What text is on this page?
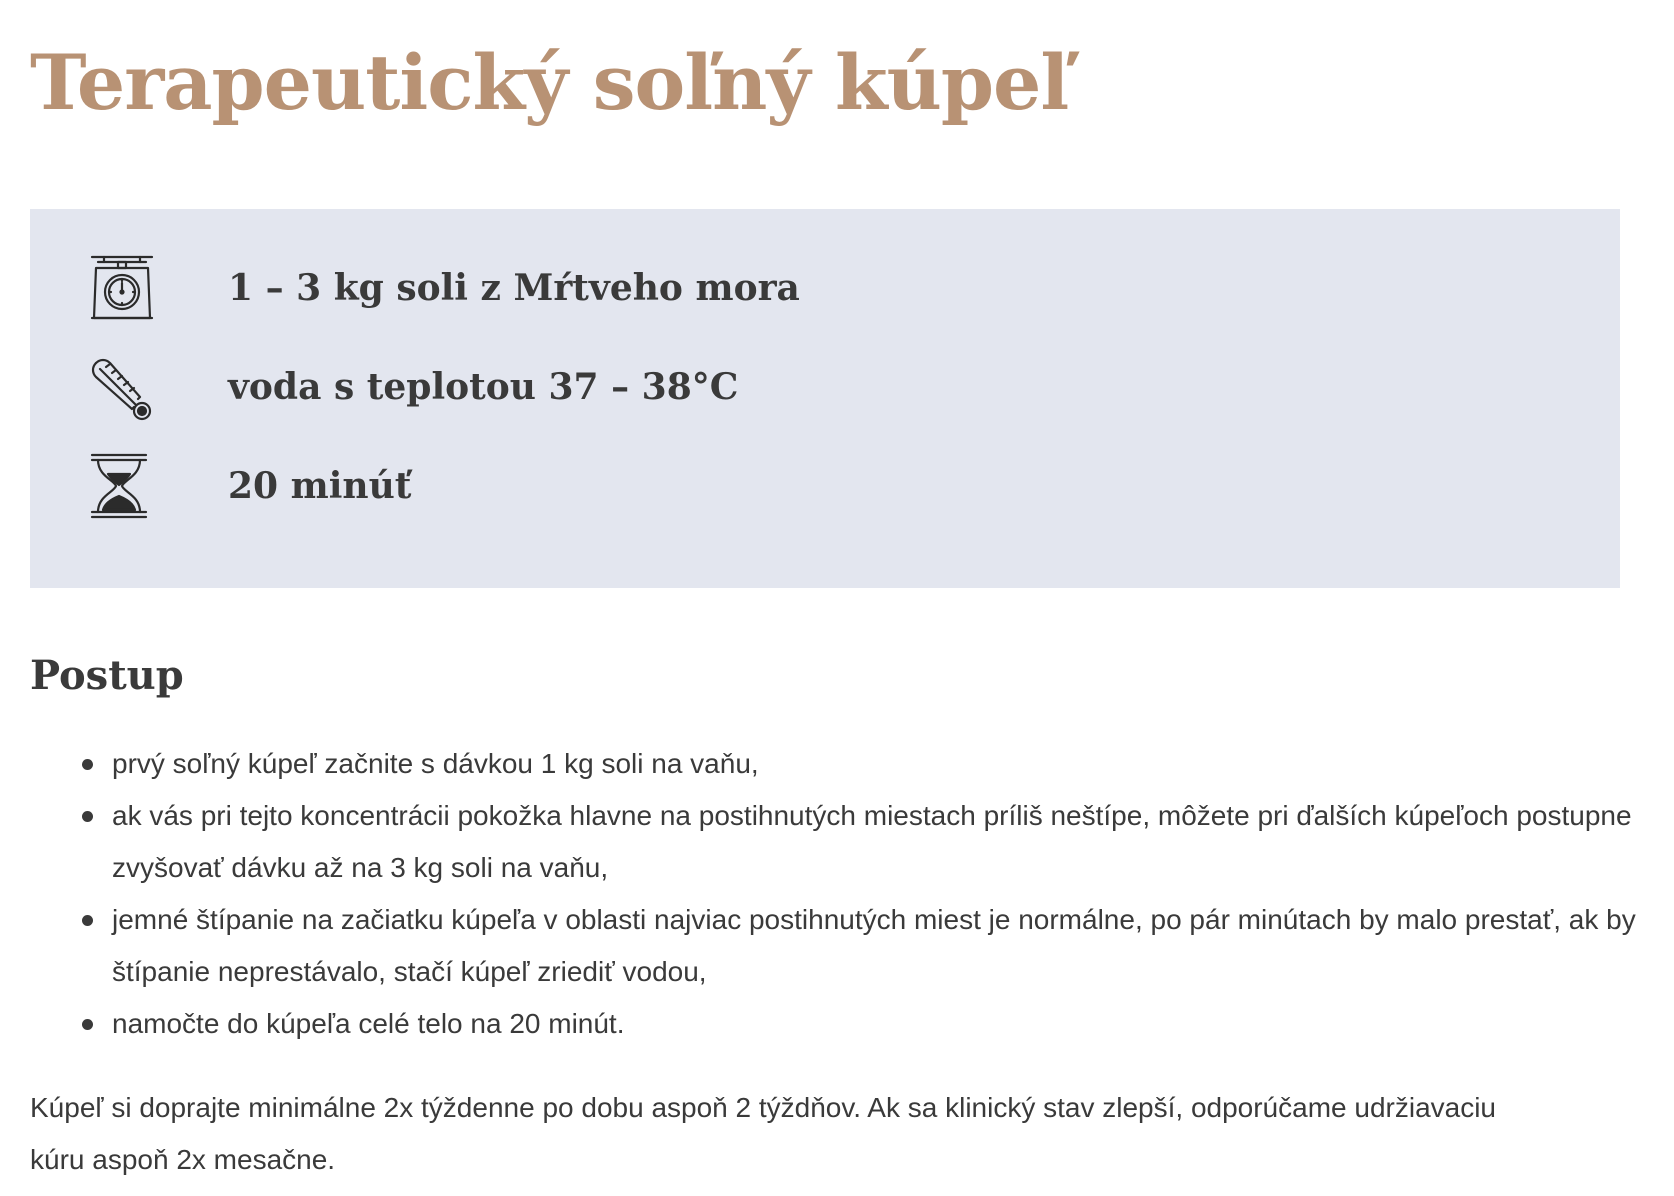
Terapeutický soľný kúpeľ
1 – 3 kg soli z Mŕtveho mora
voda s teplotou 37 – 38°C
20 minúť
Postup
prvý soľný kúpeľ začnite s dávkou 1 kg soli na vaňu,
ak vás pri tejto koncentrácii pokožka hlavne na postihnutých miestach príliš neštípe, môžete pri ďalších kúpeľoch postupne zvyšovať dávku až na 3 kg soli na vaňu,
jemné štípanie na začiatku kúpeľa v oblasti najviac postihnutých miest je normálne, po pár minútach by malo prestať, ak by štípanie neprestávalo, stačí kúpeľ zriediť vodou,
namočte do kúpeľa celé telo na 20 minút.

Kúpeľ si doprajte minimálne 2x týždenne po dobu aspoň 2 týždňov. Ak sa klinický stav zlepší, odporúčame udržiavaciu kúru aspoň 2x mesačne.
